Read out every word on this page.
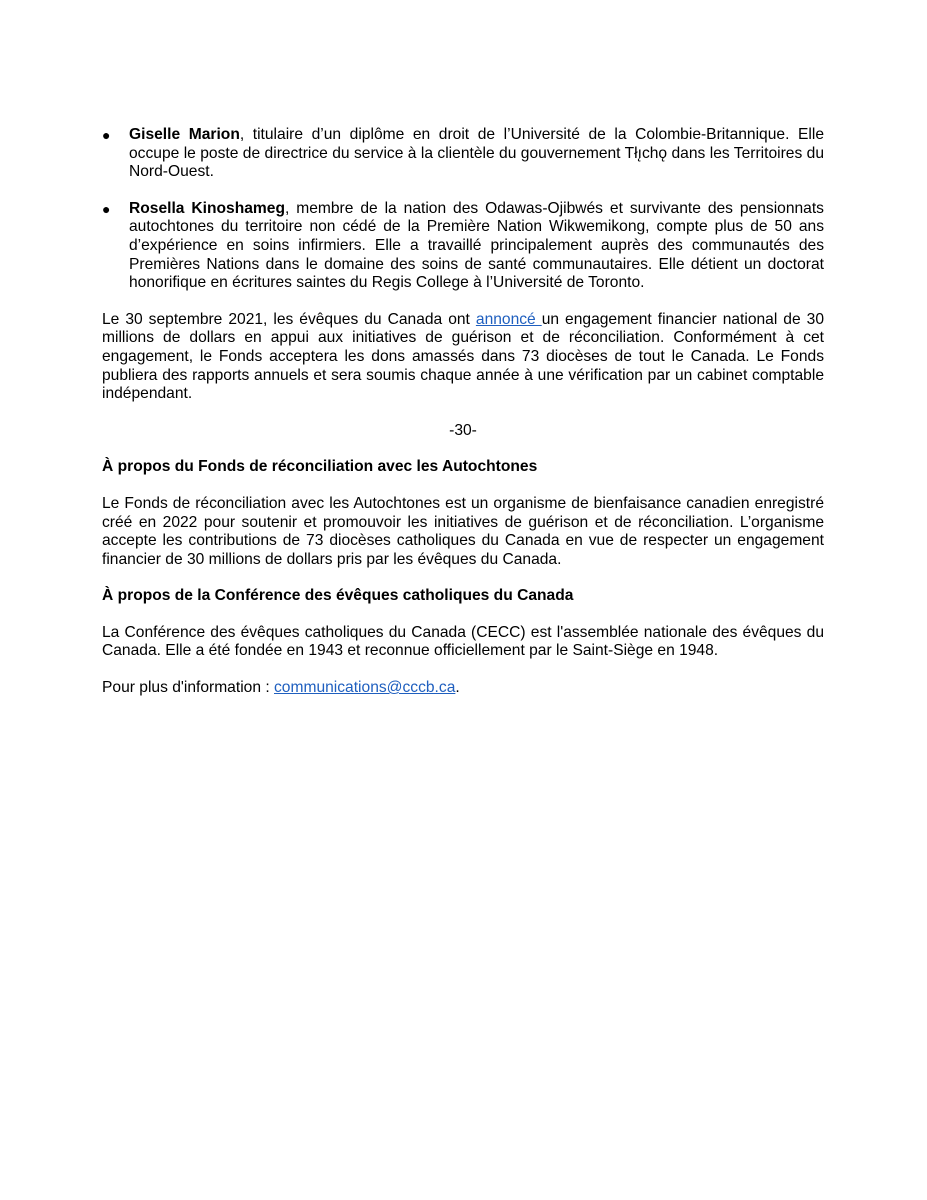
●	Giselle Marion, titulaire d’un diplôme en droit de l’Université de la Colombie-Britannique. Elle occupe le poste de directrice du service à la clientèle du gouvernement Tłı̨chǫ dans les Territoires du Nord-Ouest.
●	Rosella Kinoshameg, membre de la nation des Odawas-Ojibwés et survivante des pensionnats autochtones du territoire non cédé de la Première Nation Wikwemikong, compte plus de 50 ans d’expérience en soins infirmiers. Elle a travaillé principalement auprès des communautés des Premières Nations dans le domaine des soins de santé communautaires. Elle détient un doctorat honorifique en écritures saintes du Regis College à l’Université de Toronto.

Le 30 septembre 2021, les évêques du Canada ont annoncé un engagement financier national de 30 millions de dollars en appui aux initiatives de guérison et de réconciliation. Conformément à cet engagement, le Fonds acceptera les dons amassés dans 73 diocèses de tout le Canada. Le Fonds publiera des rapports annuels et sera soumis chaque année à une vérification par un cabinet comptable indépendant.

-30-

À propos du Fonds de réconciliation avec les Autochtones

Le Fonds de réconciliation avec les Autochtones est un organisme de bienfaisance canadien enregistré créé en 2022 pour soutenir et promouvoir les initiatives de guérison et de réconciliation. L’organisme accepte les contributions de 73 diocèses catholiques du Canada en vue de respecter un engagement financier de 30 millions de dollars pris par les évêques du Canada.

À propos de la Conférence des évêques catholiques du Canada

La Conférence des évêques catholiques du Canada (CECC) est l'assemblée nationale des évêques du Canada. Elle a été fondée en 1943 et reconnue officiellement par le Saint-Siège en 1948.

Pour plus d'information : communications@cccb.ca.
